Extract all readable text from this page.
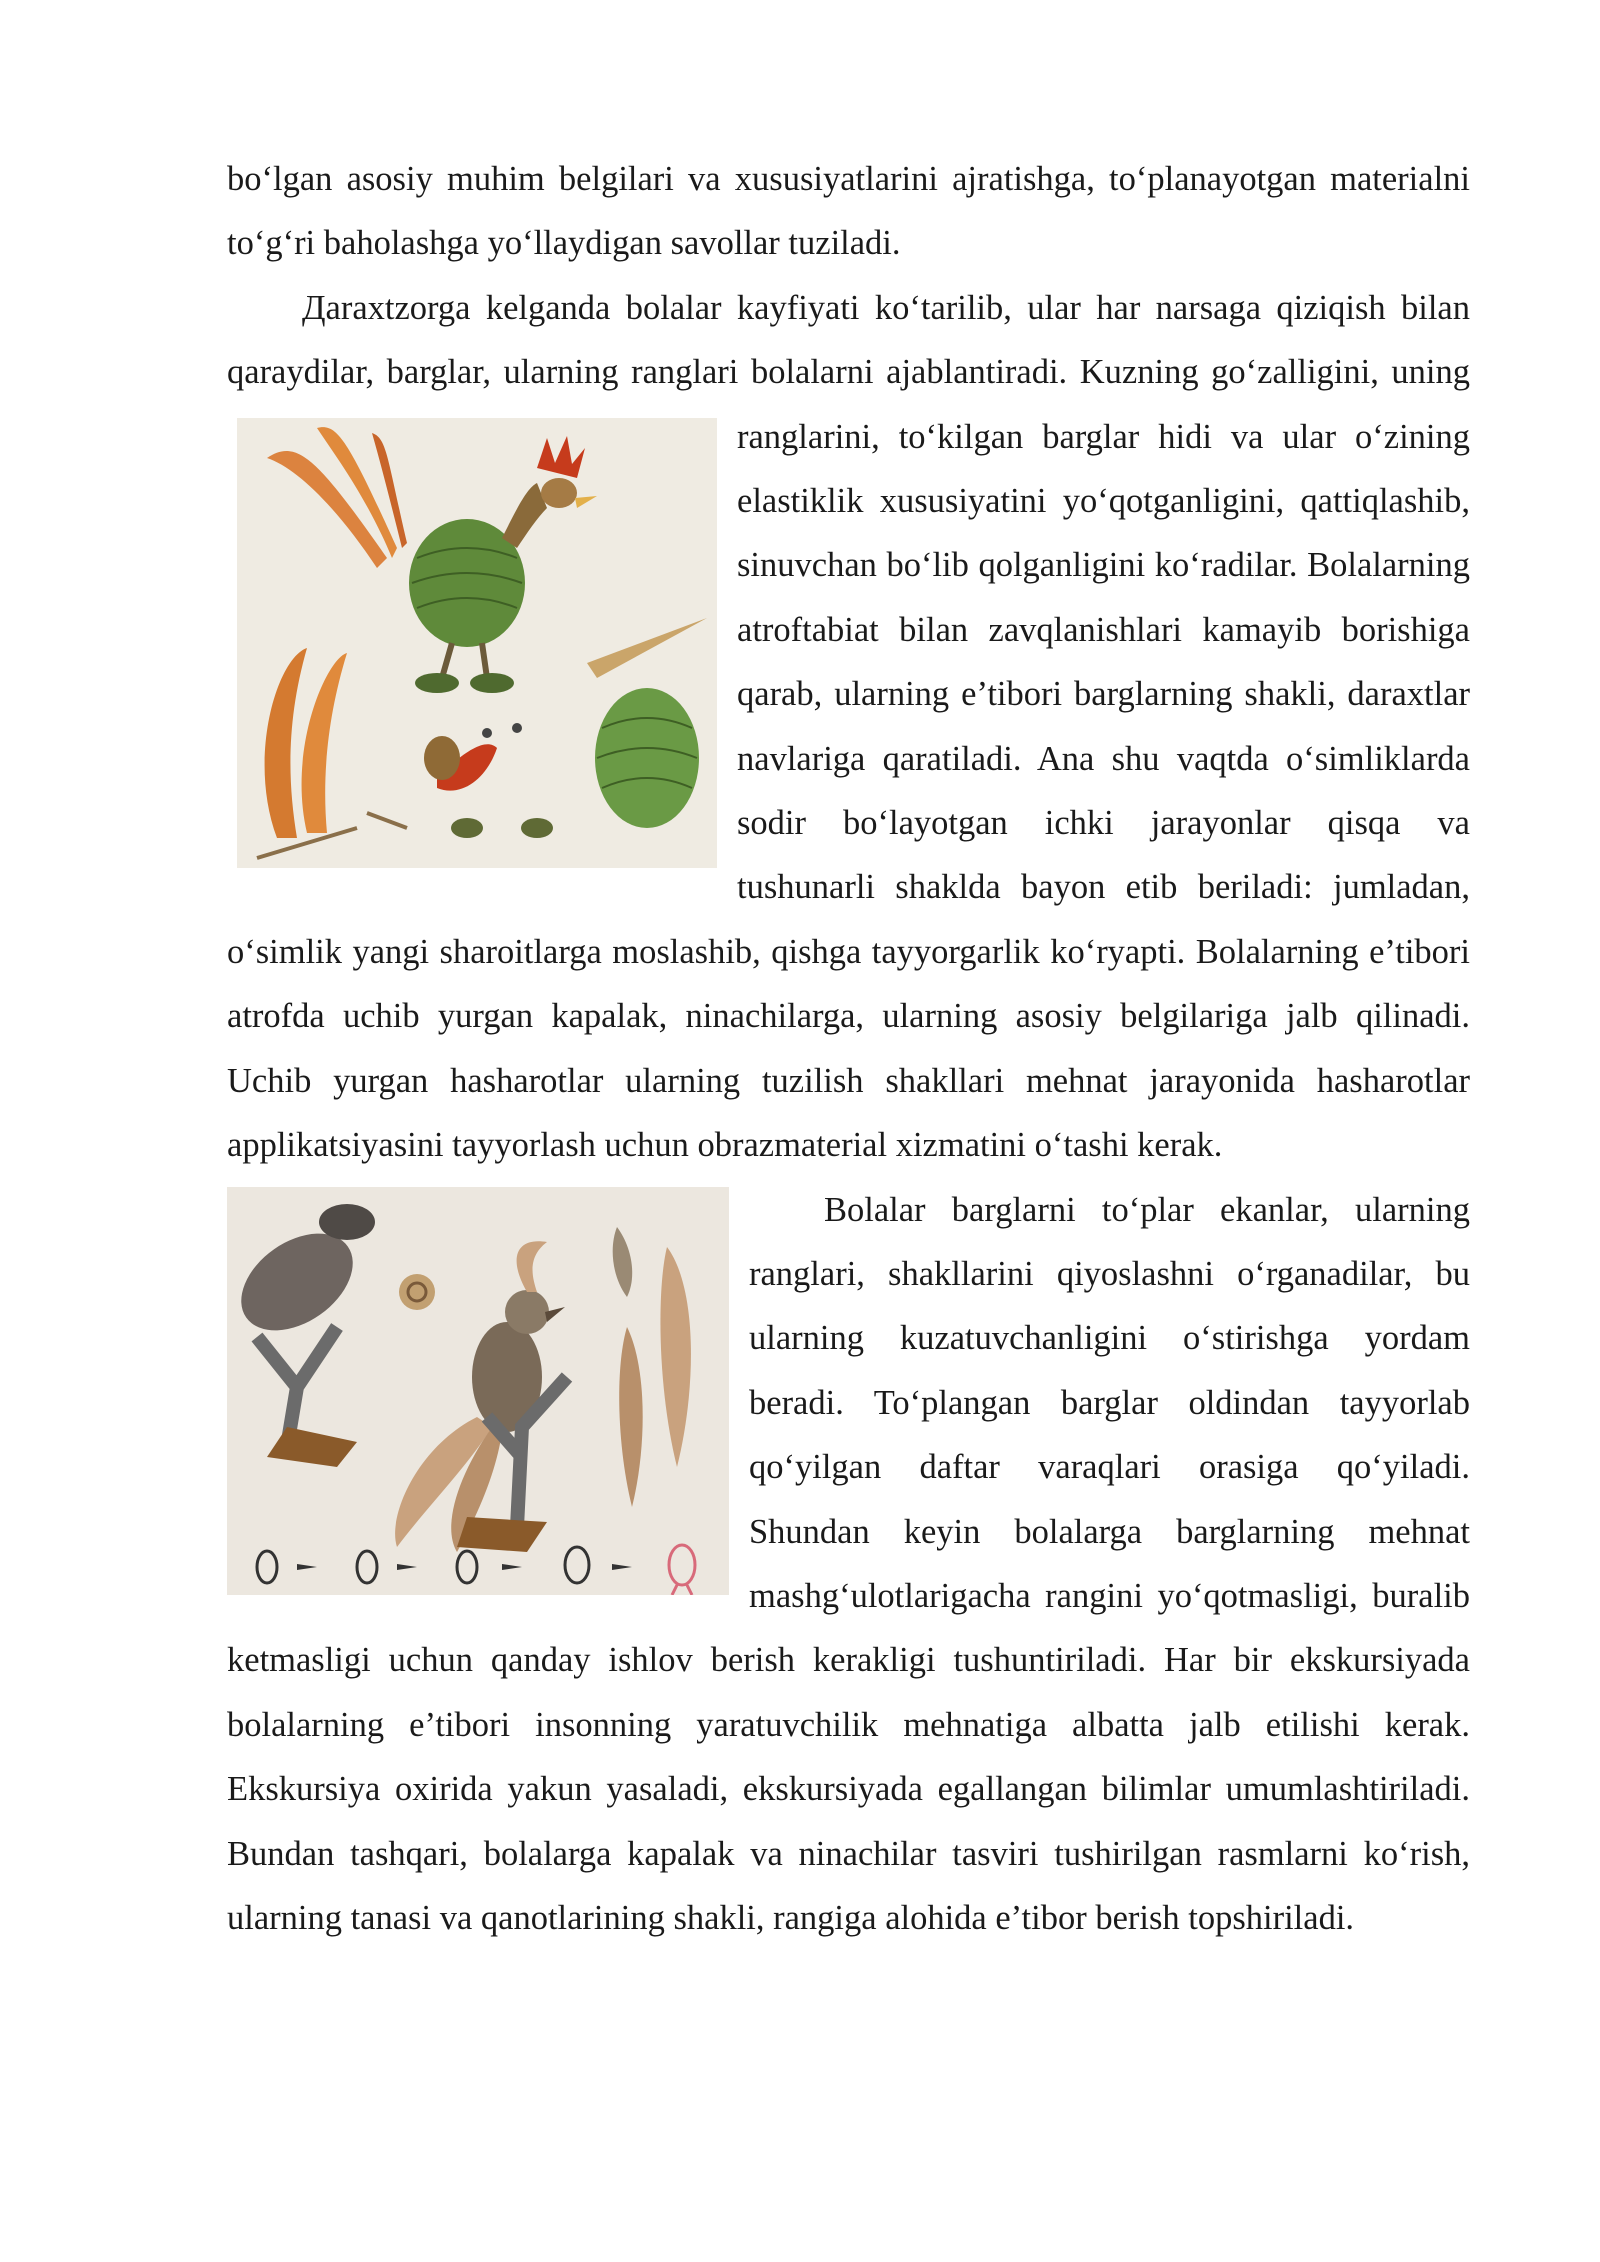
bo‘lgan asosiy muhim belgilari va xususiyatlarini ajratishga, to‘planayotgan materialni to‘g‘ri baholashga yo‘llaydigan savollar tuziladi.

Дaraxtzorga kelganda bolalar kayfiyati ko‘tarilib, ular har narsaga qiziqish bilan qaraydilar, barglar, ularning ranglari bolalarni ajablantiradi. Kuzning
go‘zalligini, uning ranglarini, to‘kilgan barglar hidi va ular o‘zining elastiklik xususiyatini yo‘qotganligini, qattiqlashib, sinuvchan bo‘lib qolganligini ko‘radilar. Bolalarning atroftabiat bilan zavqlanishlari kamayib borishiga qarab, ularning e’tibori barglarning shakli, daraxtlar navlariga qaratiladi. Ana shu vaqtda o‘simliklarda sodir bo‘layotgan ichki jarayonlar qisqa va tushunarli shaklda bayon etib beriladi: jumladan, o‘simlik yangi sharoitlarga moslashib, qishga tayyorgarlik ko‘ryapti. Bolalarning e’tibori atrofda uchib yurgan kapalak, ninachilarga, ularning asosiy belgilariga jalb qilinadi. Uchib yurgan hasharotlar ularning tuzilish shakllari mehnat jarayonida hasharotlar applikatsiyasini tayyorlash uchun obrazmaterial xizmatini o‘tashi kerak.

Bolalar barglarni to‘plar ekanlar, ularning ranglari, shakllarini qiyoslashni o‘rganadilar, bu ularning kuzatuvchanligini o‘stirishga yordam beradi. To‘plangan barglar oldindan tayyorlab qo‘yilgan daftar varaqlari orasiga qo‘yiladi. Shundan keyin bolalarga barglarning mehnat mashg‘ulotlarigacha rangini yo‘qotmasligi, buralib ketmasligi uchun qanday ishlov berish kerakligi tushuntiriladi. Har bir ekskursiyada bolalarning e’tibori insonning yaratuvchilik mehnatiga albatta jalb etilishi kerak. Ekskursiya oxirida yakun yasaladi, ekskursiyada egallangan bilimlar umumlashtiriladi. Bundan tashqari, bolalarga kapalak va ninachilar tasviri tushirilgan rasmlarni ko‘rish, ularning tanasi va qanotlarining shakli, rangiga alohida e’tibor berish topshiriladi.
